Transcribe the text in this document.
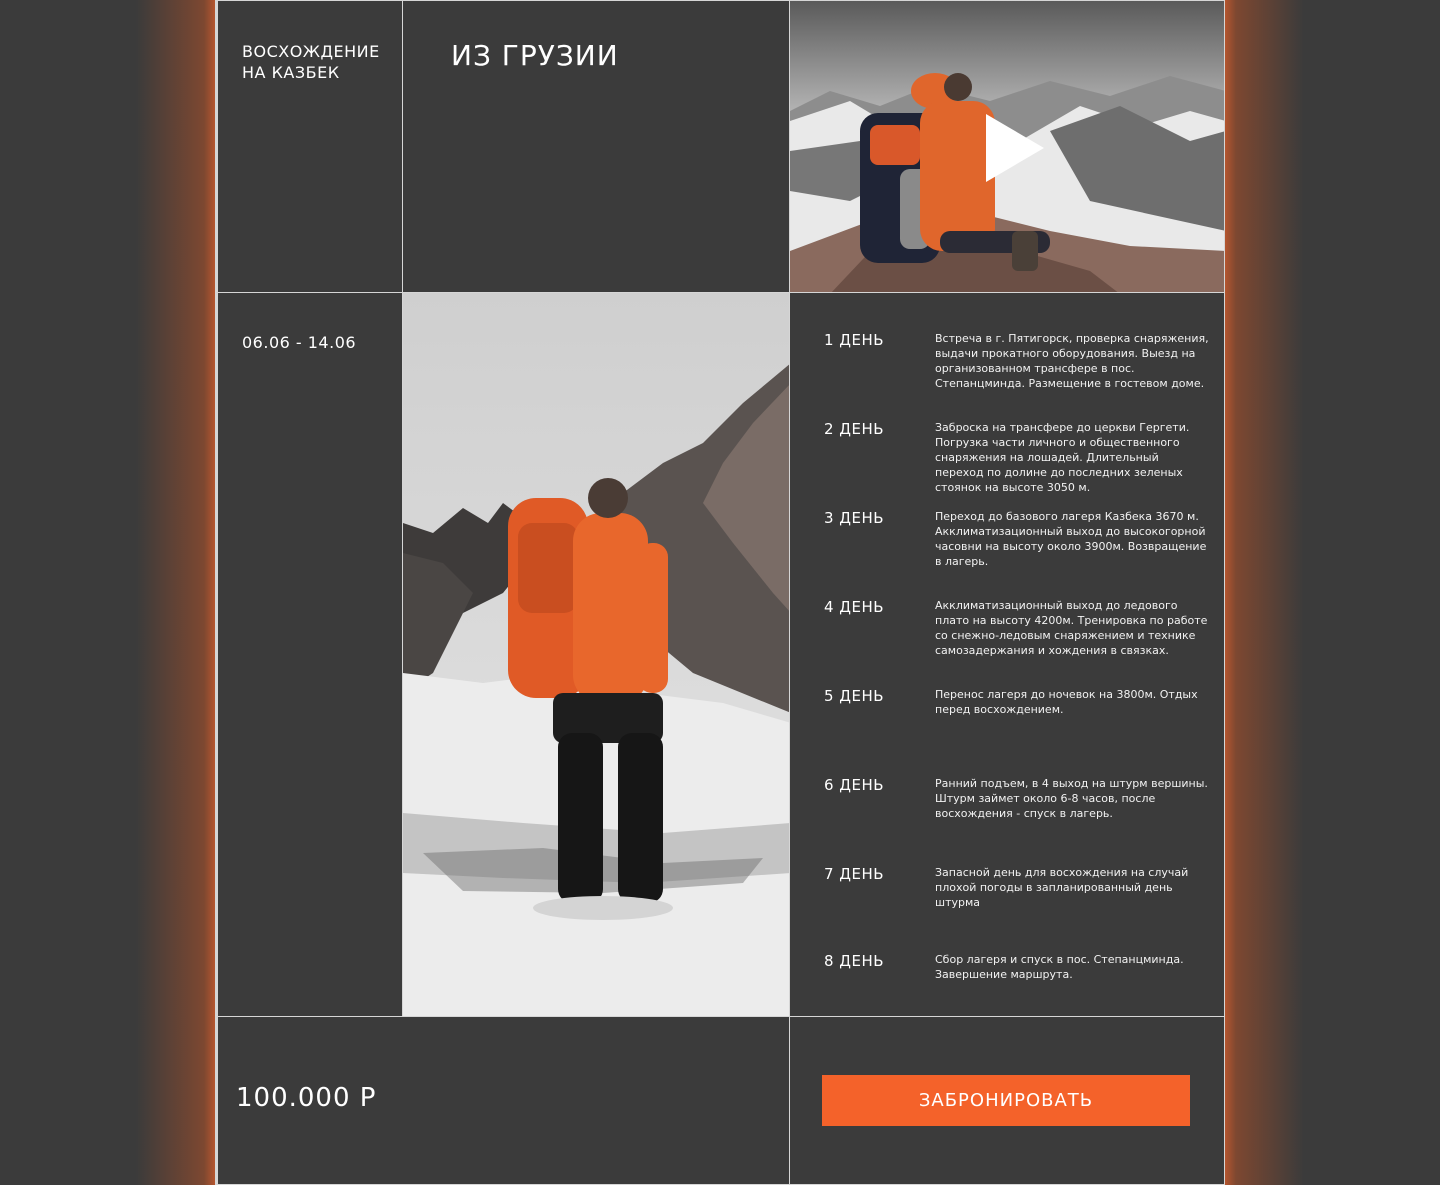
ВОСХОЖДЕНИЕ НА КАЗБЕК
ИЗ ГРУЗИИ
06.06 - 14.06	1 ДЕНЬ	Встреча в г. Пятигорск, проверка снаряжения, выдачи прокатного оборудования. Выезд на организованном трансфере в пос. Степанцминда. Размещение в гостевом доме.
2 ДЕНЬ	Заброска на трансфере до церкви Гергети. Погрузка части личного и общественного снаряжения на лошадей. Длительный переход по долине до последних зеленых стоянок на высоте 3050 м.
3 ДЕНЬ	Переход до базового лагеря Казбека 3670 м. Акклиматизационный выход до высокогорной часовни на высоту около 3900м. Возвращение в лагерь.
4 ДЕНЬ	Акклиматизационный выход до ледового плато на высоту 4200м. Тренировка по работе со снежно-ледовым снаряжением и технике самозадержания и хождения в связках.
5 ДЕНЬ	Перенос лагеря до ночевок на 3800м. Отдых перед восхождением.
6 ДЕНЬ	Ранний подъем, в 4 выход на штурм вершины. Штурм займет около 6-8 часов, после восхождения - спуск в лагерь.
7 ДЕНЬ	Запасной день для восхождения на случай плохой погоды в запланированный день штурма
8 ДЕНЬ	Сбор лагеря и спуск в пос. Степанцминда. Завершение маршрута.
100.000 Р	ЗАБРОНИРОВАТЬ
